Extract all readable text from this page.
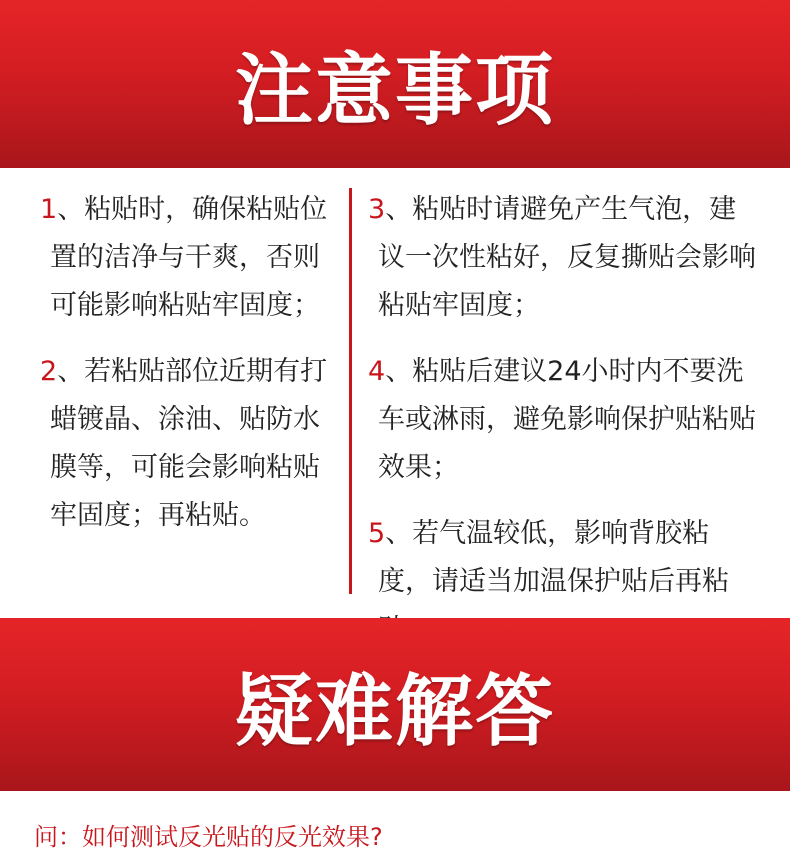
注意事项
1、粘贴时，确保粘贴位置的洁净与干爽，否则可能影响粘贴牢固度；
2、若粘贴部位近期有打蜡镀晶、涂油、贴防水膜等，可能会影响粘贴牢固度；再粘贴。
3、粘贴时请避免产生气泡，建议一次性粘好，反复撕贴会影响粘贴牢固度；
4、粘贴后建议24小时内不要洗车或淋雨，避免影响保护贴粘贴效果；
5、若气温较低，影响背胶粘度，请适当加温保护贴后再粘
疑难解答
问：如何测试反光贴的反光效果?
